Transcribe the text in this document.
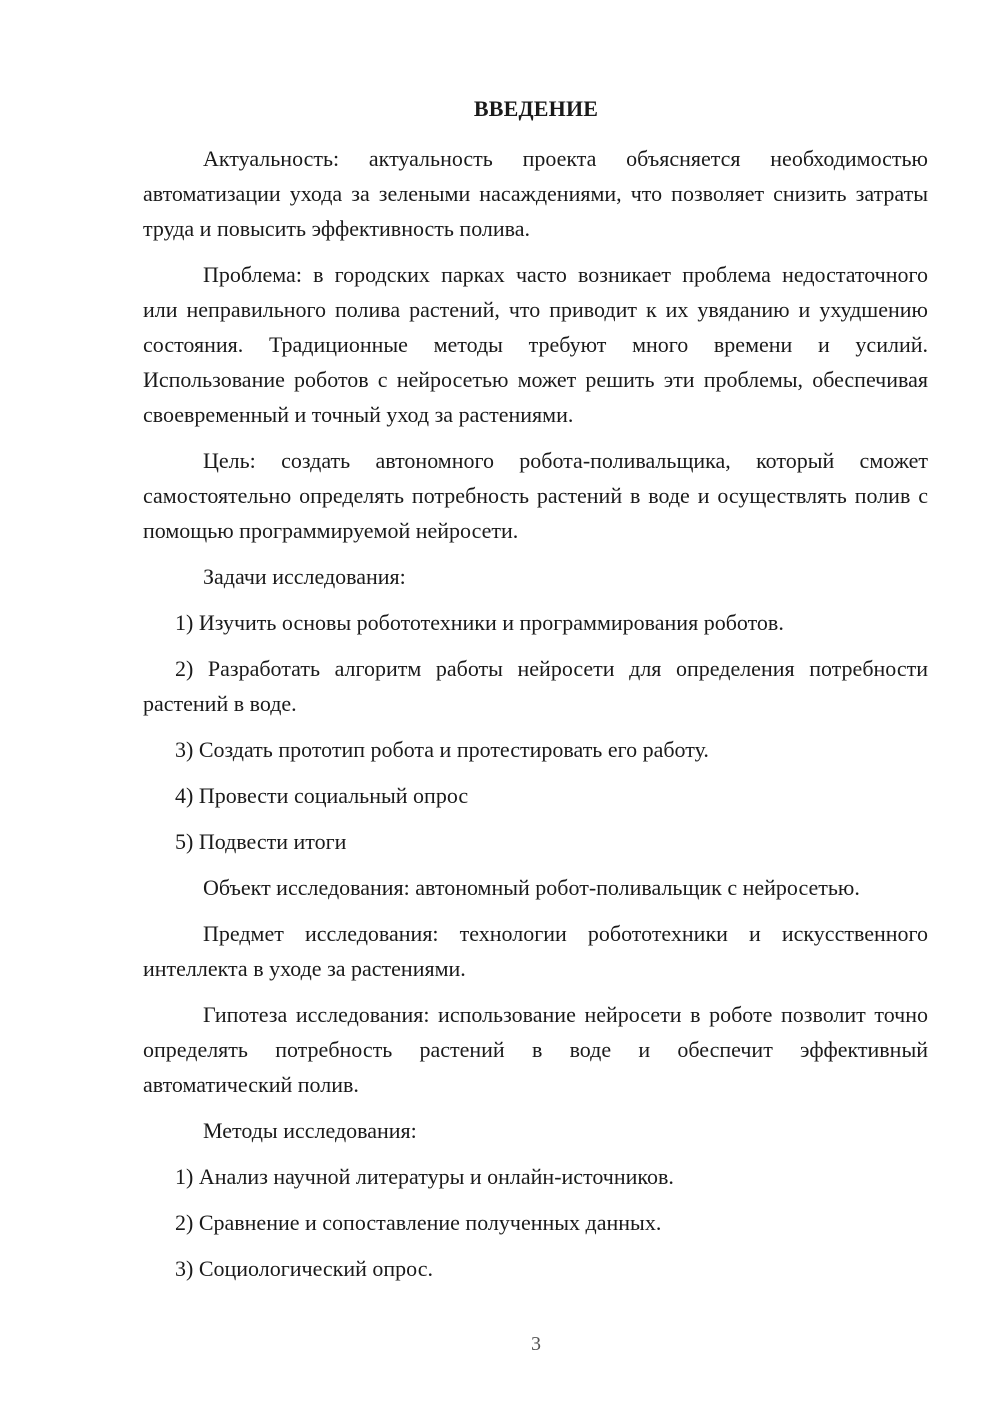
ВВЕДЕНИЕ

Актуальность: актуальность проекта объясняется необходимостью автоматизации ухода за зелеными насаждениями, что позволяет снизить затраты труда и повысить эффективность полива.

Проблема: в городских парках часто возникает проблема недостаточного или неправильного полива растений, что приводит к их увяданию и ухудшению состояния. Традиционные методы требуют много времени и усилий. Использование роботов с нейросетью может решить эти проблемы, обеспечивая своевременный и точный уход за растениями.

Цель: создать автономного робота-поливальщика, который сможет самостоятельно определять потребность растений в воде и осуществлять полив с помощью программируемой нейросети.

Задачи исследования:

1) Изучить основы робототехники и программирования роботов.

2) Разработать алгоритм работы нейросети для определения потребности растений в воде.

3) Создать прототип робота и протестировать его работу.

4) Провести социальный опрос

5) Подвести итоги

Объект исследования: автономный робот-поливальщик с нейросетью.

Предмет исследования: технологии робототехники и искусственного интеллекта в уходе за растениями.

Гипотеза исследования: использование нейросети в роботе позволит точно определять потребность растений в воде и обеспечит эффективный автоматический полив.

Методы исследования:

1) Анализ научной литературы и онлайн-источников.

2) Сравнение и сопоставление полученных данных.

3) Социологический опрос.

3
